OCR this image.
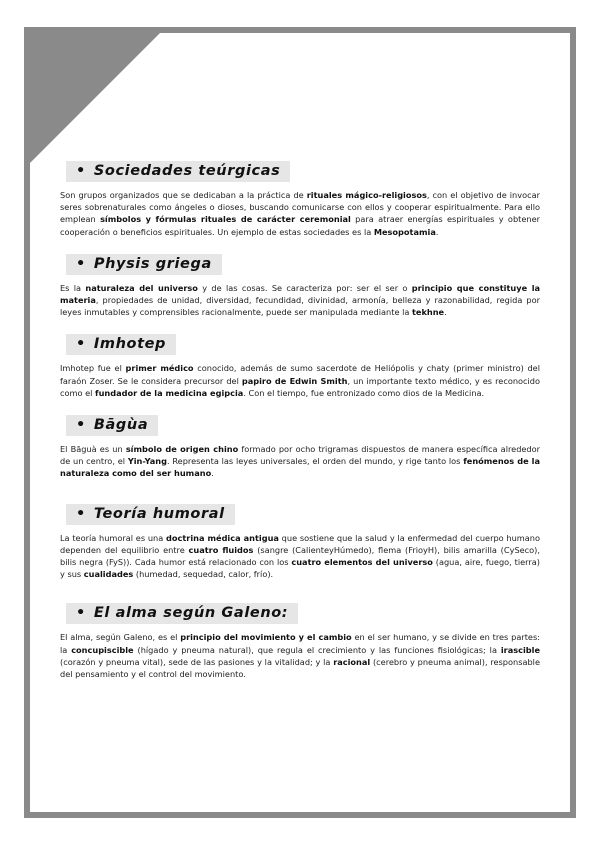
• Sociedades teúrgicas

Son grupos organizados que se dedicaban a la práctica de rituales mágico-religiosos, con el objetivo de invocar seres sobrenaturales como ángeles o dioses, buscando comunicarse con ellos y cooperar espiritualmente. Para ello emplean símbolos y fórmulas rituales de carácter ceremonial para atraer energías espirituales y obtener cooperación o beneficios espirituales. Un ejemplo de estas sociedades es la Mesopotamia.

• Physis griega

Es la naturaleza del universo y de las cosas. Se caracteriza por: ser el ser o principio que constituye la materia, propiedades de unidad, diversidad, fecundidad, divinidad, armonía, belleza y razonabilidad, regida por leyes inmutables y comprensibles racionalmente, puede ser manipulada mediante la tekhne.

• Imhotep

Imhotep fue el primer médico conocido, además de sumo sacerdote de Heliópolis y chaty (primer ministro) del faraón Zoser. Se le considera precursor del papiro de Edwin Smith, un importante texto médico, y es reconocido como el fundador de la medicina egipcia. Con el tiempo, fue entronizado como dios de la Medicina.

• Bāgùa

El Bāguà es un símbolo de origen chino formado por ocho trigramas dispuestos de manera específica alrededor de un centro, el Yin-Yang. Representa las leyes universales, el orden del mundo, y rige tanto los fenómenos de la naturaleza como del ser humano.

• Teoría humoral

La teoría humoral es una doctrina médica antigua que sostiene que la salud y la enfermedad del cuerpo humano dependen del equilibrio entre cuatro fluidos (sangre (CalienteyHúmedo), flema (FrioyH), bilis amarilla (CySeco), bilis negra (FyS)). Cada humor está relacionado con los cuatro elementos del universo (agua, aire, fuego, tierra) y sus cualidades (humedad, sequedad, calor, frío).

• El alma según Galeno:

El alma, según Galeno, es el principio del movimiento y el cambio en el ser humano, y se divide en tres partes: la concupiscible (hígado y pneuma natural), que regula el crecimiento y las funciones fisiológicas; la irascible (corazón y pneuma vital), sede de las pasiones y la vitalidad; y la racional (cerebro y pneuma animal), responsable del pensamiento y el control del movimiento.
